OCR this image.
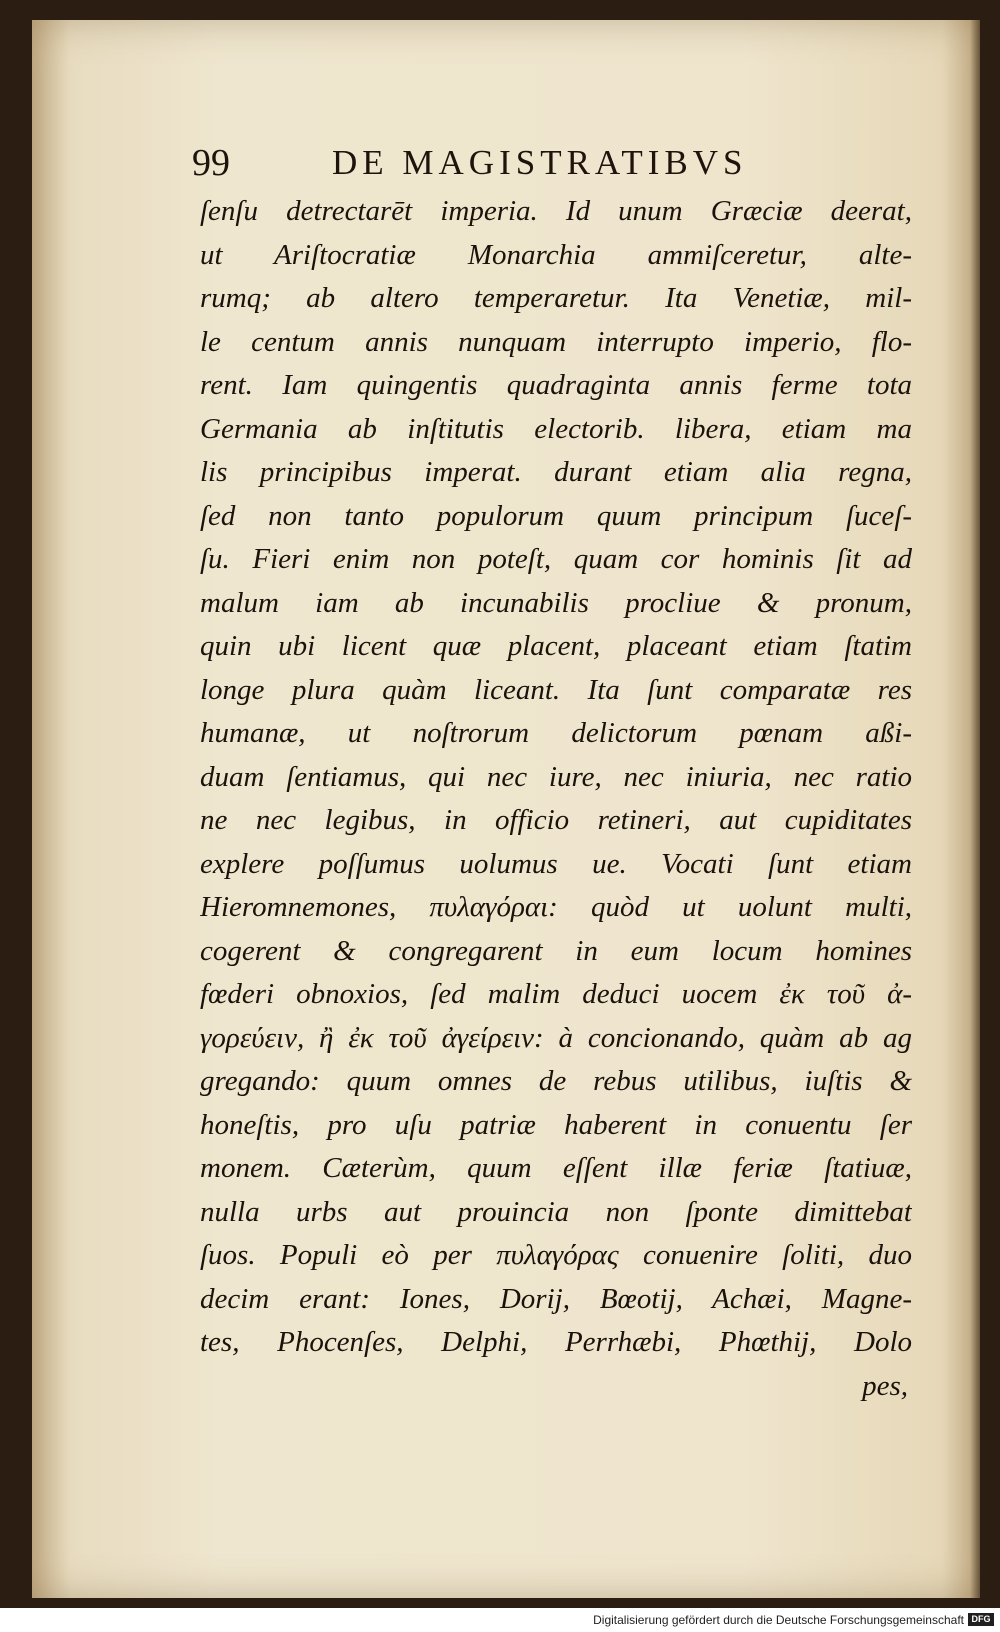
99	DE MAGISTRATIBVS
ſenſu detrectarēt imperia. Id unum Græciæ deerat,
ut Ariſtocratiæ Monarchia ammiſceretur, alte-
rumq; ab altero temperaretur. Ita Venetiæ, mil-
le centum annis nunquam interrupto imperio, flo-
rent. Iam quingentis quadraginta annis ferme tota
Germania ab inſtitutis electorib. libera, etiam ma
lis principibus imperat. durant etiam alia regna,
ſed non tanto populorum quum principum ſuceſ-
ſu. Fieri enim non poteſt, quam cor hominis ſit ad
malum iam ab incunabilis procliue & pronum,
quin ubi licent quæ placent, placeant etiam ſtatim
longe plura quàm liceant. Ita ſunt comparatæ res
humanæ, ut noſtrorum delictorum pœnam aßi-
duam ſentiamus, qui nec iure, nec iniuria, nec ratio
ne nec legibus, in officio retineri, aut cupiditates
explere poſſumus uolumus ue. Vocati ſunt etiam
Hieromnemones, πυλαγόραι: quòd ut uolunt multi,
cogerent & congregarent in eum locum homines
fœderi obnoxios, ſed malim deduci uocem ἐκ τοῦ ἀ-
γορεύειν, ἢ ἐκ τοῦ ἀγείρειν: à concionando, quàm ab ag
gregando: quum omnes de rebus utilibus, iuſtis &
honeſtis, pro uſu patriæ haberent in conuentu ſer
monem. Cæterùm, quum eſſent illæ feriæ ſtatiuæ,
nulla urbs aut prouincia non ſponte dimittebat
ſuos. Populi eò per πυλαγόρας conuenire ſoliti, duo
decim erant: Iones, Dorij, Bœotij, Achæi, Magne-
tes, Phocenſes, Delphi, Perrhæbi, Phœthij, Dolo
pes,
Digitalisierung gefördert durch die Deutsche Forschungsgemeinschaft DFG
